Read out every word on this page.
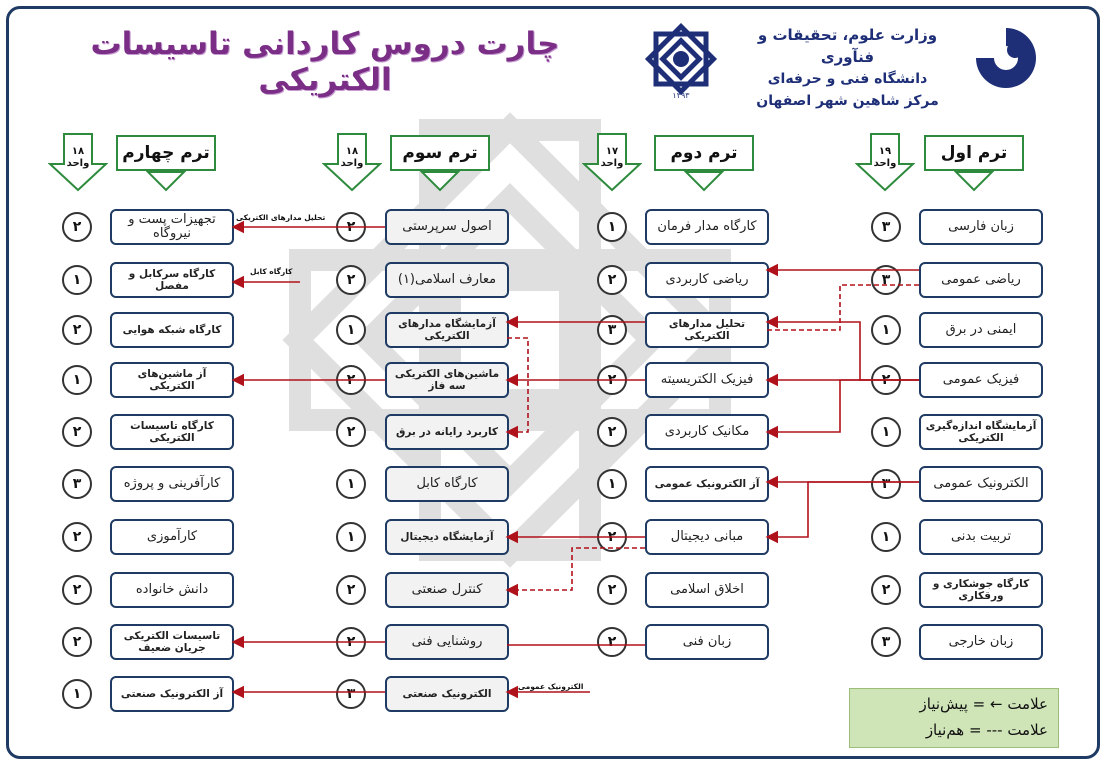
چارت دروس کاردانی تاسیسات الکتریکی	۱۳۹۳
وزارت علوم، تحقیقات و فنآوری
دانشگاه فنی و حرفه‌ای
مرکز شاهین شهر اصفهان
ترم اول
۱۹
واحد
ترم دوم
۱۷
واحد
ترم سوم
۱۸
واحد
ترم چهارم
۱۸
واحد
زبان فارسی
۳
ریاضی عمومی
۳
ایمنی در برق
۱
فیزیک عمومی
۲
آزمایشگاه اندازه‌گیری الکتریکی
۱
الکترونیک عمومی
۳
تربیت بدنی
۱
کارگاه جوشکاری و ورقکاری
۲
زبان خارجی
۳
کارگاه مدار فرمان
۱
ریاضی کاربردی
۲
تحلیل مدارهای الکتریکی
۳
فیزیک الکتریسیته
۲
مکانیک کاربردی
۲
آز الکترونیک عمومی
۱
مبانی دیجیتال
۲
اخلاق اسلامی
۲
زبان فنی
۲
اصول سرپرستی
۲
معارف اسلامی(۱)
۲
آزمایشگاه مدارهای الکتریکی
۱
ماشین‌های الکتریکی سه فاز
۲
کاربرد رایانه در برق
۲
کارگاه کابل
۱
آزمایشگاه دیجیتال
۱
کنترل صنعتی
۲
روشنایی فنی
۲
الکترونیک صنعتی
۳
تجهیزات پست و نیروگاه
۲
کارگاه سرکابل و مفصل
۱
کارگاه شبکه هوایی
۲
آز ماشین‌های الکتریکی
۱
کارگاه تاسیسات الکتریکی
۲
کارآفرینی و پروژه
۳
کارآموزی
۲
دانش خانواده
۲
تاسیسات الکتریکی جریان ضعیف
۲
آز الکترونیک صنعتی
۱
تحلیل مدارهای الکتریکی
کارگاه کابل
الکترونیک عمومی
علامت ← = پیش‌نیاز
علامت ‑‑‑ = هم‌نیاز
